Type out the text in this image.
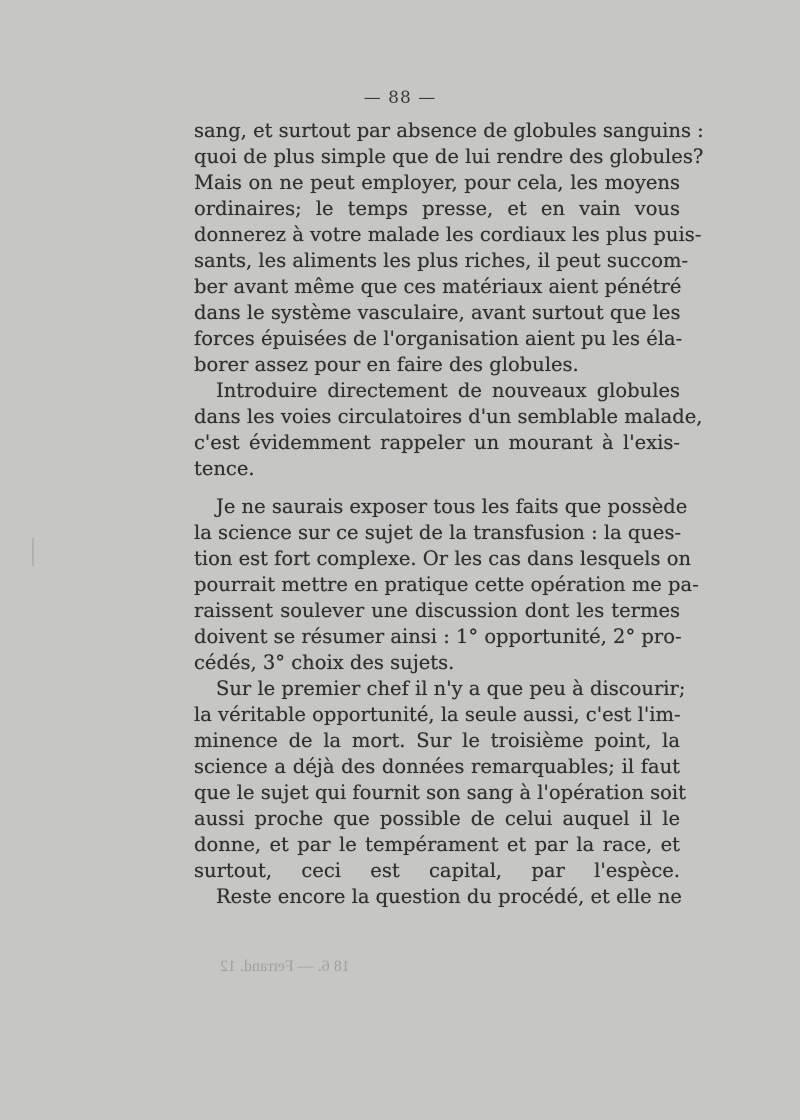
— 88 —
sang, et surtout par absence de globules sanguins :
quoi de plus simple que de lui rendre des globules?
Mais on ne peut employer, pour cela, les moyens
ordinaires; le temps presse, et en vain vous
donnerez à votre malade les cordiaux les plus puis-
sants, les aliments les plus riches, il peut succom-
ber avant même que ces matériaux aient pénétré
dans le système vasculaire, avant surtout que les
forces épuisées de l'organisation aient pu les éla-
borer assez pour en faire des globules.
Introduire directement de nouveaux globules
dans les voies circulatoires d'un semblable malade,
c'est évidemment rappeler un mourant à l'exis-
tence.
Je ne saurais exposer tous les faits que possède
la science sur ce sujet de la transfusion : la ques-
tion est fort complexe. Or les cas dans lesquels on
pourrait mettre en pratique cette opération me pa-
raissent soulever une discussion dont les termes
doivent se résumer ainsi : 1° opportunité, 2° pro-
cédés, 3° choix des sujets.
Sur le premier chef il n'y a que peu à discourir;
la véritable opportunité, la seule aussi, c'est l'im-
minence de la mort. Sur le troisième point, la
science a déjà des données remarquables; il faut
que le sujet qui fournit son sang à l'opération soit
aussi proche que possible de celui auquel il le
donne, et par le tempérament et par la race, et
surtout, ceci est capital, par l'espèce.
Reste encore la question du procédé, et elle ne
18 6. — Ferrand. 12
